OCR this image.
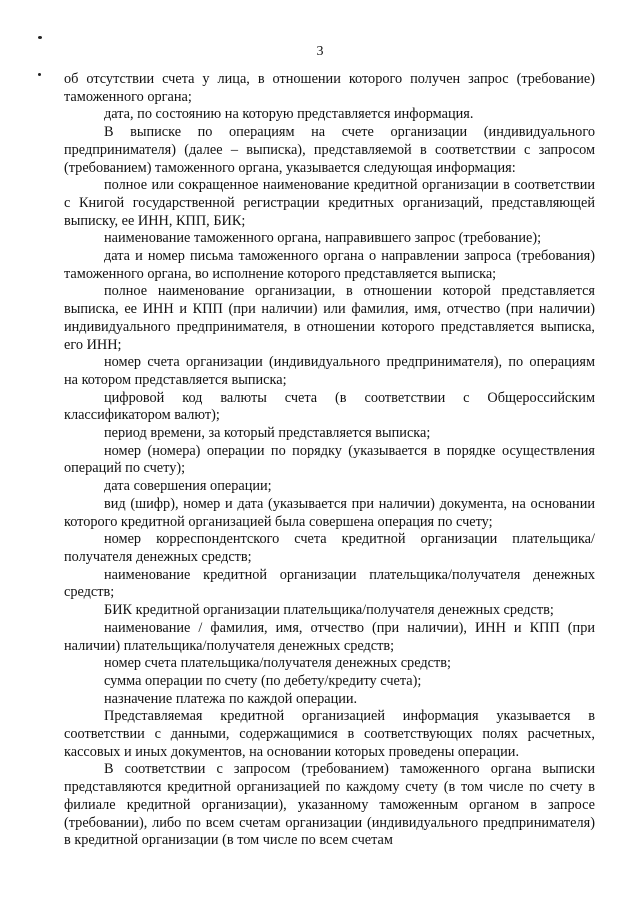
3

об отсутствии счета у лица, в отношении которого получен запрос (требование) таможенного органа;

дата, по состоянию на которую представляется информация.

В выписке по операциям на счете организации (индивидуального предпринимателя) (далее – выписка), представляемой в соответствии с запросом (требованием) таможенного органа, указывается следующая информация:

полное или сокращенное наименование кредитной организации в соответствии с Книгой государственной регистрации кредитных организаций, представляющей выписку, ее ИНН, КПП, БИК;

наименование таможенного органа, направившего запрос (требование);

дата и номер письма таможенного органа о направлении запроса (требования) таможенного органа, во исполнение которого представляется выписка;

полное наименование организации, в отношении которой представляется выписка, ее ИНН и КПП (при наличии) или фамилия, имя, отчество (при наличии) индивидуального предпринимателя, в отношении которого представляется выписка, его ИНН;

номер счета организации (индивидуального предпринимателя), по операциям на котором представляется выписка;

цифровой код валюты счета (в соответствии с Общероссийским классификатором валют);

период времени, за который представляется выписка;

номер (номера) операции по порядку (указывается в порядке осуществления операций по счету);

дата совершения операции;

вид (шифр), номер и дата (указывается при наличии) документа, на основании которого кредитной организацией была совершена операция по счету;

номер корреспондентского счета кредитной организации плательщика/получателя денежных средств;

наименование кредитной организации плательщика/получателя денежных средств;

БИК кредитной организации плательщика/получателя денежных средств;

наименование / фамилия, имя, отчество (при наличии), ИНН и КПП (при наличии) плательщика/получателя денежных средств;

номер счета плательщика/получателя денежных средств;

сумма операции по счету (по дебету/кредиту счета);

назначение платежа по каждой операции.

Представляемая кредитной организацией информация указывается в соответствии с данными, содержащимися в соответствующих полях расчетных, кассовых и иных документов, на основании которых проведены операции.

В соответствии с запросом (требованием) таможенного органа выписки представляются кредитной организацией по каждому счету (в том числе по счету в филиале кредитной организации), указанному таможенным органом в запросе (требовании), либо по всем счетам организации (индивидуального предпринимателя) в кредитной организации (в том числе по всем счетам
